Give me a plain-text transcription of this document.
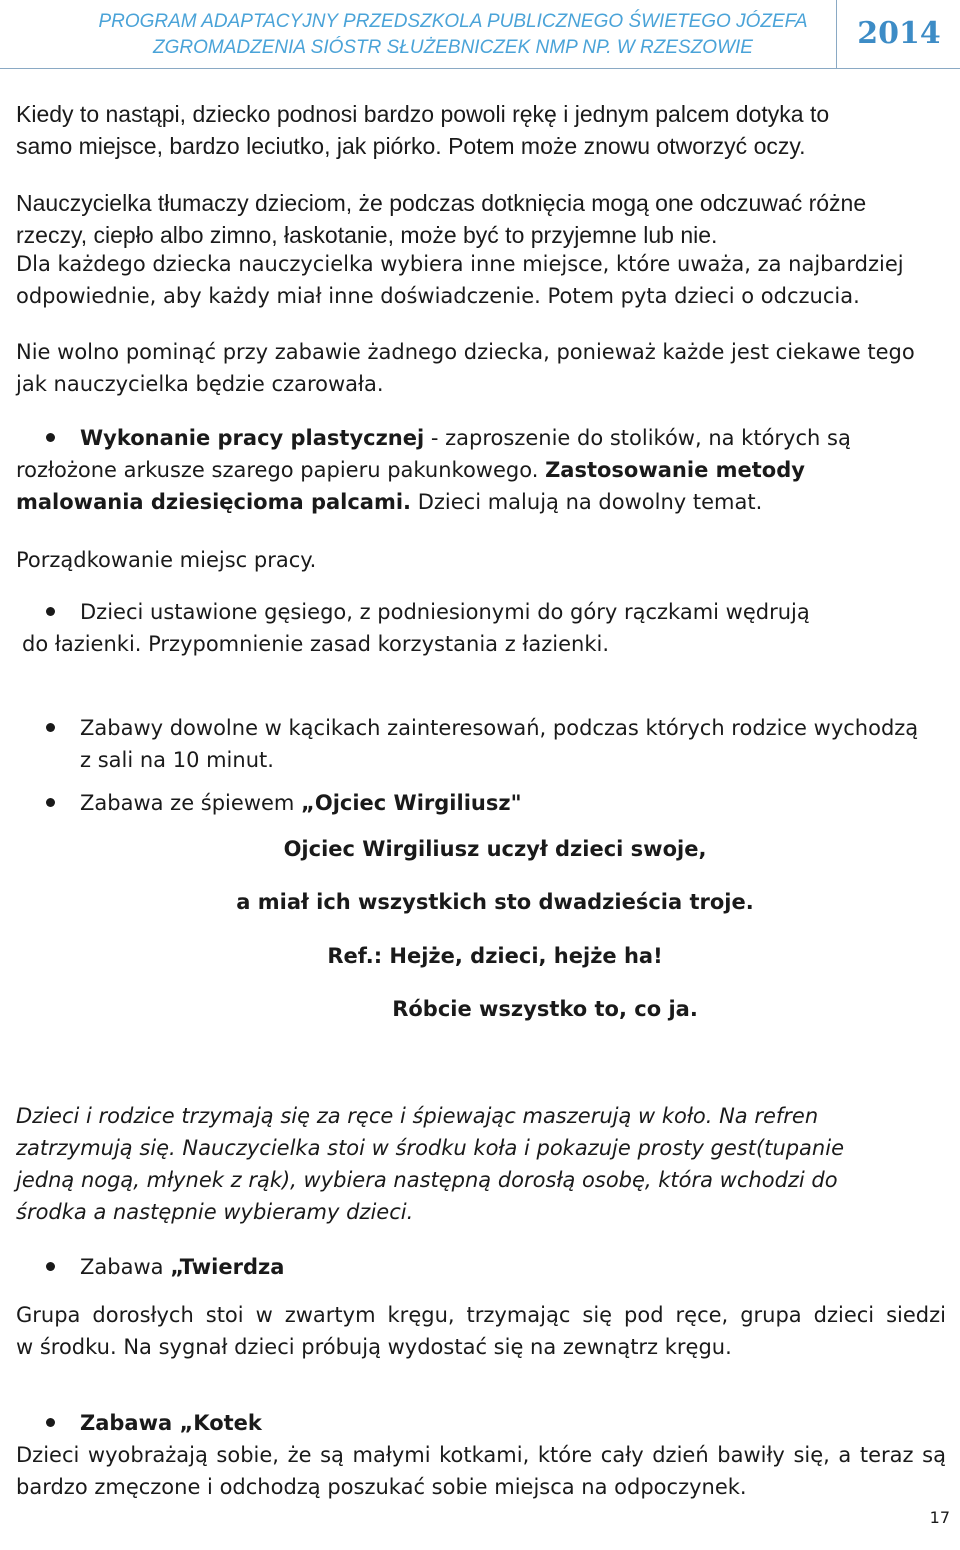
PROGRAM ADAPTACYJNY PRZEDSZKOLA PUBLICZNEGO ŚWIETEGO JÓZEFA
ZGROMADZENIA SIÓSTR SŁUŻEBNICZEK NMP NP. W RZESZOWIE	2014
Kiedy to nastąpi, dziecko podnosi bardzo powoli rękę i jednym palcem dotyka to
samo miejsce, bardzo leciutko, jak piórko. Potem może znowu otworzyć oczy.
Nauczycielka tłumaczy dzieciom, że podczas dotknięcia mogą one odczuwać różne
rzeczy, ciepło albo zimno, łaskotanie, może być to przyjemne lub nie.
Dla każdego dziecka nauczycielka wybiera inne miejsce, które uważa, za najbardziej
odpowiednie, aby każdy miał inne doświadczenie. Potem pyta dzieci o odczucia.
Nie wolno pominąć przy zabawie żadnego dziecka, ponieważ każde jest ciekawe tego
jak nauczycielka będzie czarowała.
Wykonanie pracy plastycznej - zaproszenie do stolików, na których są
rozłożone arkusze szarego papieru pakunkowego. Zastosowanie metody
malowania dziesięcioma palcami. Dzieci malują na dowolny temat.
Porządkowanie miejsc pracy.
Dzieci ustawione gęsiego, z podniesionymi do góry rączkami wędrują
do łazienki. Przypomnienie zasad korzystania z łazienki.
Zabawy dowolne w kącikach zainteresowań, podczas których rodzice wychodzą
z sali na 10 minut.
Zabawa ze śpiewem „Ojciec Wirgiliusz"
Ojciec Wirgiliusz uczył dzieci swoje,
a miał ich wszystkich sto dwadzieścia troje.
Ref.: Hejże, dzieci, hejże ha!
Róbcie wszystko to, co ja.
Dzieci i rodzice trzymają się za ręce i śpiewając maszerują w koło. Na refren
zatrzymują się. Nauczycielka stoi w środku koła i pokazuje prosty gest(tupanie
jedną nogą, młynek z rąk), wybiera następną dorosłą osobę, która wchodzi do
środka a następnie wybieramy dzieci.
Zabawa „Twierdza
Grupa dorosłych stoi w zwartym kręgu, trzymając się pod ręce, grupa dzieci siedzi
w środku. Na sygnał dzieci próbują wydostać się na zewnątrz kręgu.
Zabawa „Kotek
Dzieci wyobrażają sobie, że są małymi kotkami, które cały dzień bawiły się, a teraz są
bardzo zmęczone i odchodzą poszukać sobie miejsca na odpoczynek.
17
